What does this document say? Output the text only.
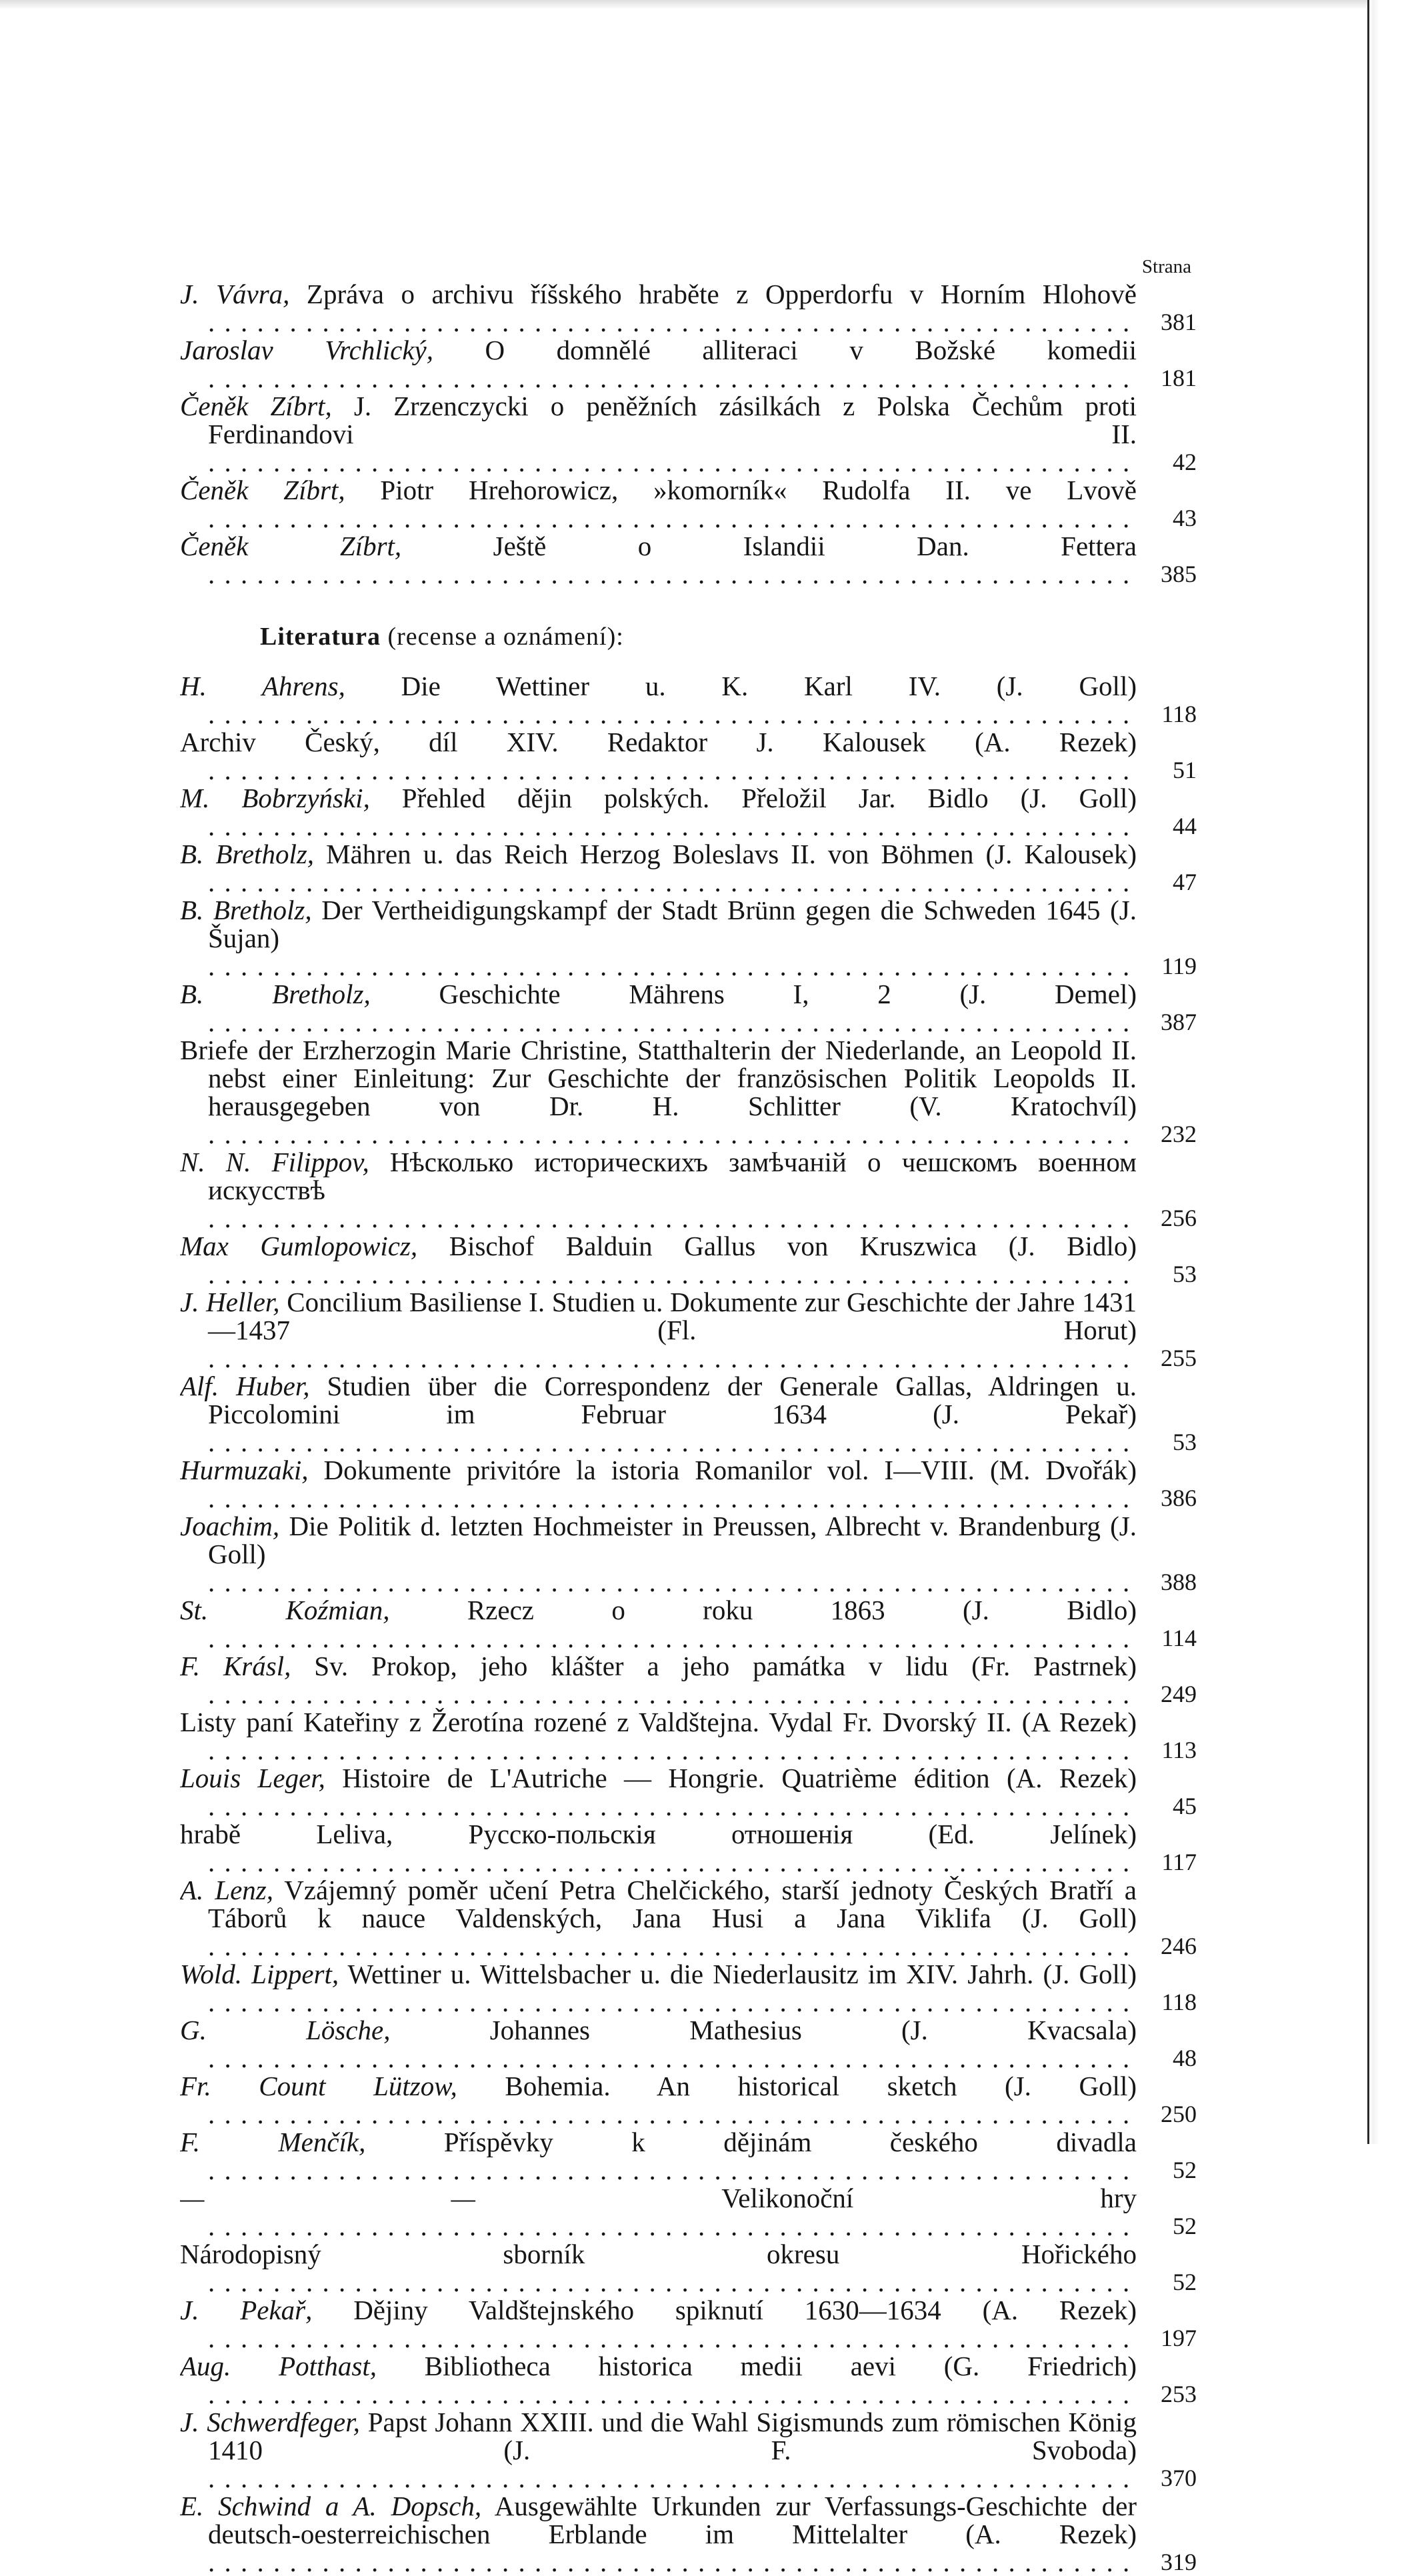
Strana
J. Vávra, Zpráva o archivu říšského hraběte z Opperdorfu v Horním Hlohově . . .
381
Jaroslav Vrchlický, O domnělé alliteraci v Božské komedii . . .
181
Čeněk Zíbrt, J. Zrzenczycki o peněžních zásilkách z Polska Čechům proti Ferdinandovi II. . . .
42
Čeněk Zíbrt, Piotr Hrehorowicz, »komorník« Rudolfa II. ve Lvově . . .
43
Čeněk Zíbrt, Ještě o Islandii Dan. Fettera . . .
385
Literatura (recense a oznámení):
H. Ahrens, Die Wettiner u. K. Karl IV. (J. Goll) . . .
118
Archiv Český, díl XIV. Redaktor J. Kalousek (A. Rezek) . . .
51
M. Bobrzyński, Přehled dějin polských. Přeložil Jar. Bidlo (J. Goll) . . .
44
B. Bretholz, Mähren u. das Reich Herzog Boleslavs II. von Böhmen (J. Kalousek) . . .
47
B. Bretholz, Der Vertheidigungskampf der Stadt Brünn gegen die Schweden 1645 (J. Šujan) . . .
119
B. Bretholz, Geschichte Mährens I, 2 (J. Demel) . . .
387
Briefe der Erzherzogin Marie Christine, Statthalterin der Niederlande, an Leopold II. nebst einer Einleitung: Zur Geschichte der französischen Politik Leopolds II. herausgegeben von Dr. H. Schlitter (V. Kratochvíl) . . .
232
N. N. Filippov, Нѣсколько историческихъ замѣчаній о чешскомъ военном искусствѣ . . .
256
Max Gumlopowicz, Bischof Balduin Gallus von Kruszwica (J. Bidlo) . . .
53
J. Heller, Concilium Basiliense I. Studien u. Dokumente zur Geschichte der Jahre 1431—1437 (Fl. Horut) . . .
255
Alf. Huber, Studien über die Correspondenz der Generale Gallas, Aldringen u. Piccolomini im Februar 1634 (J. Pekař) . . .
53
Hurmuzaki, Dokumente privitóre la istoria Romanilor vol. I—VIII. (M. Dvořák) . . .
386
Joachim, Die Politik d. letzten Hochmeister in Preussen, Albrecht v. Brandenburg (J. Goll) . . .
388
St. Koźmian, Rzecz o roku 1863 (J. Bidlo) . . .
114
F. Krásl, Sv. Prokop, jeho klášter a jeho památka v lidu (Fr. Pastrnek) . . .
249
Listy paní Kateřiny z Žerotína rozené z Valdštejna. Vydal Fr. Dvorský II. (A Rezek) . . .
113
Louis Leger, Histoire de L'Autriche — Hongrie. Quatrième édition (A. Rezek) . . .
45
hrabě Leliva, Русско-польскія отношенія (Ed. Jelínek) . . .
117
A. Lenz, Vzájemný poměr učení Petra Chelčického, starší jednoty Českých Bratří a Táborů k nauce Valdenských, Jana Husi a Jana Viklifa (J. Goll) . . .
246
Wold. Lippert, Wettiner u. Wittelsbacher u. die Niederlausitz im XIV. Jahrh. (J. Goll) . . .
118
G. Lösche, Johannes Mathesius (J. Kvacsala) . . .
48
Fr. Count Lützow, Bohemia. An historical sketch (J. Goll) . . .
250
F. Menčík, Příspěvky k dějinám českého divadla . . .
52
— — Velikonoční hry . . .
52
Národopisný sborník okresu Hořického . . .
52
J. Pekař, Dějiny Valdštejnského spiknutí 1630—1634 (A. Rezek) . . .
197
Aug. Potthast, Bibliotheca historica medii aevi (G. Friedrich) . . .
253
J. Schwerdfeger, Papst Johann XXIII. und die Wahl Sigismunds zum römischen König 1410 (J. F. Svoboda) . . .
370
E. Schwind a A. Dopsch, Ausgewählte Urkunden zur Verfassungs-Geschichte der deutsch-oesterreichischen Erblande im Mittelalter (A. Rezek) . . .
319
